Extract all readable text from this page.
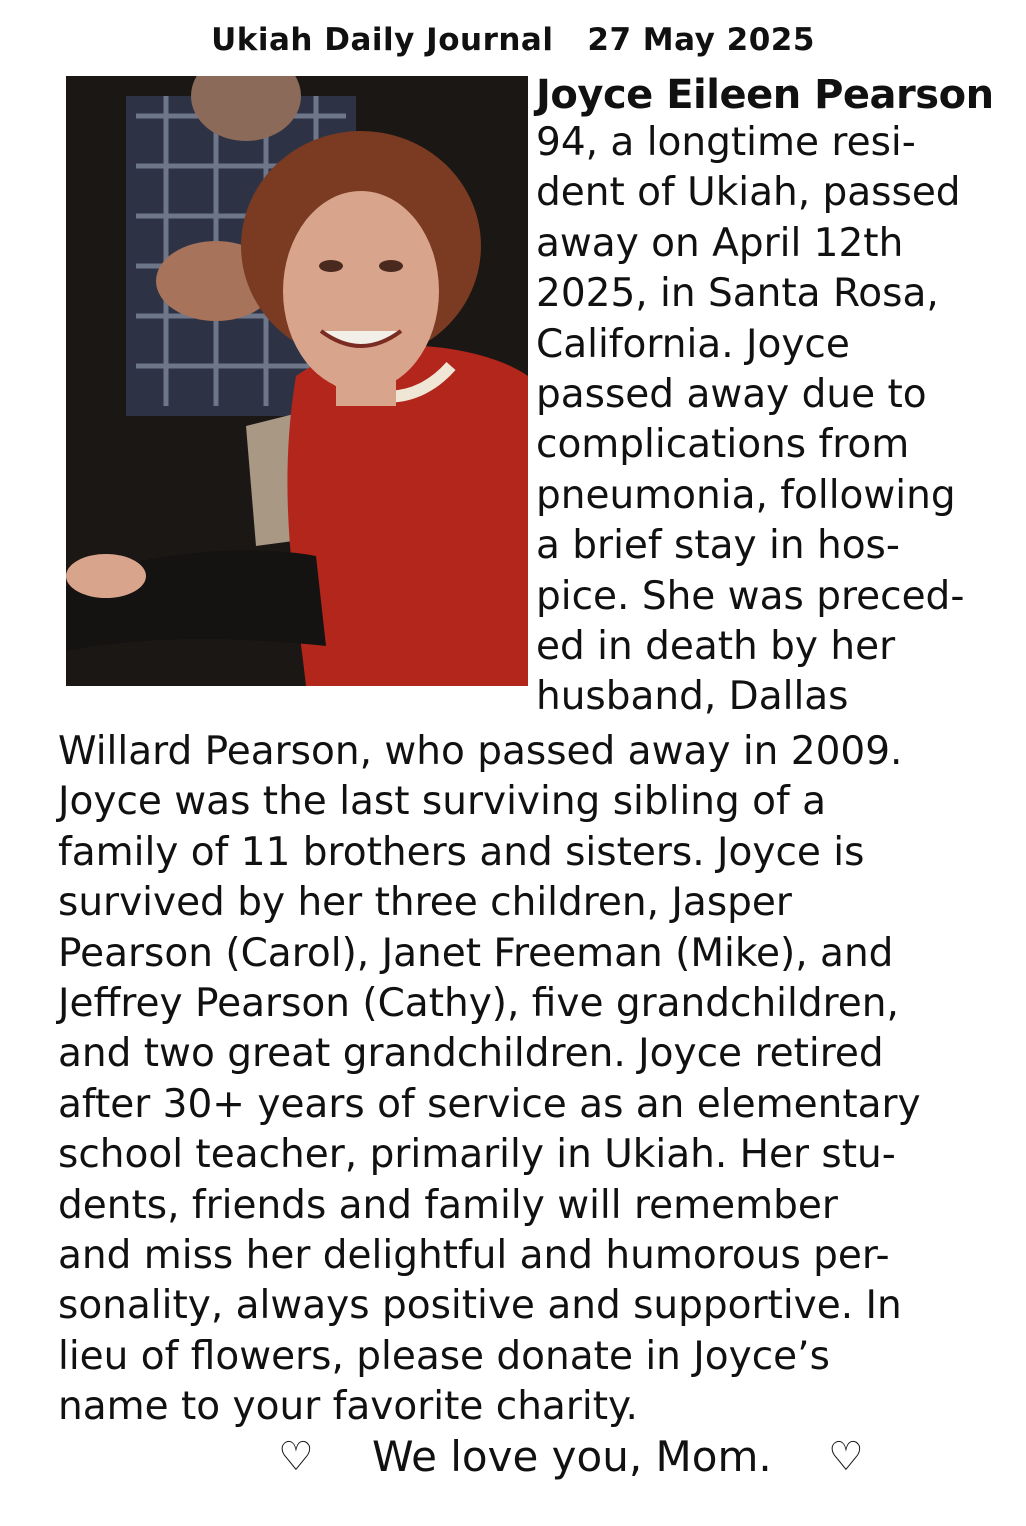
Ukiah Daily Journal 27 May 2025
Joyce Eileen Pearson
94, a longtime resi-
dent of Ukiah, passed
away on April 12th
2025, in Santa Rosa,
California. Joyce
passed away due to
complications from
pneumonia, following
a brief stay in hos-
pice. She was preced-
ed in death by her
husband, Dallas
Willard Pearson, who passed away in 2009.
Joyce was the last surviving sibling of a
family of 11 brothers and sisters. Joyce is
survived by her three children, Jasper
Pearson (Carol), Janet Freeman (Mike), and
Jeffrey Pearson (Cathy), five grandchildren,
and two great grandchildren. Joyce retired
after 30+ years of service as an elementary
school teacher, primarily in Ukiah. Her stu-
dents, friends and family will remember
and miss her delightful and humorous per-
sonality, always positive and supportive. In
lieu of flowers, please donate in Joyce’s
name to your favorite charity.
♡ We love you, Mom. ♡
